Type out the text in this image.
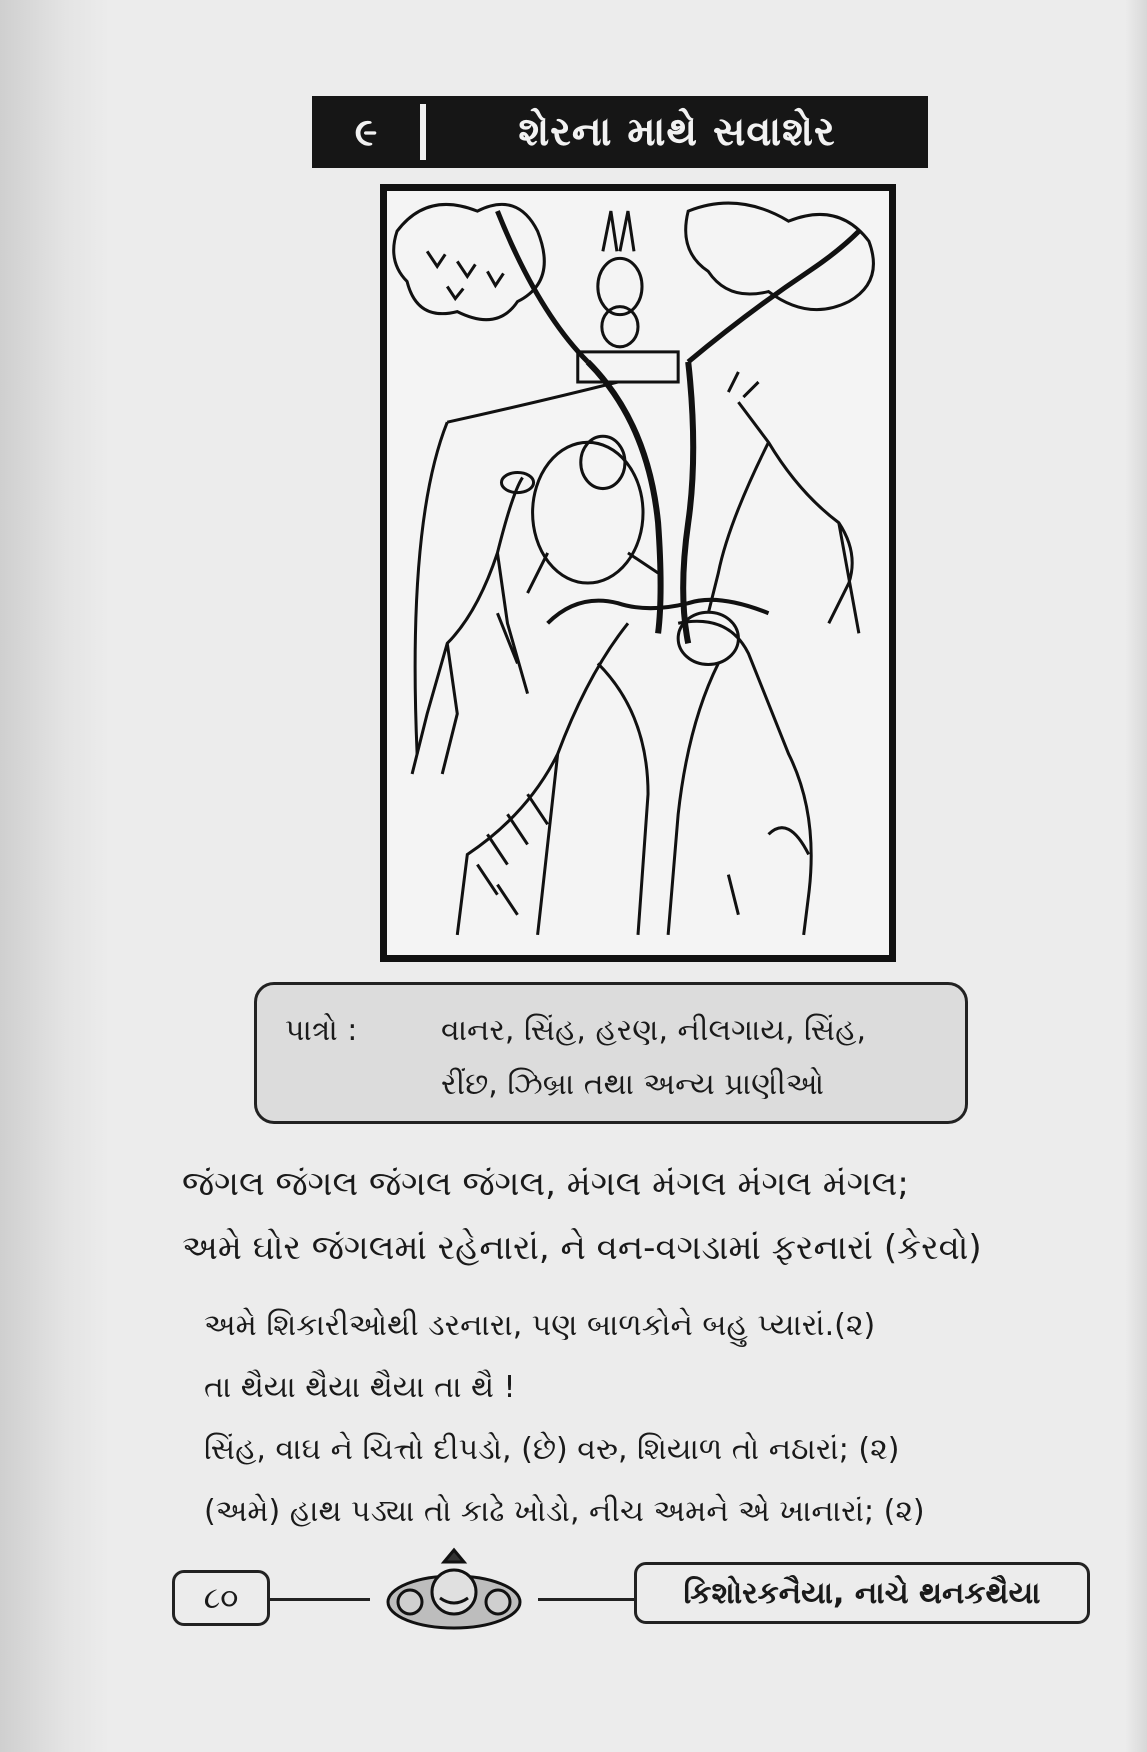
૯	શેરના માથે સવાશેર
પાત્રો :	વાનર, સિંહ, હરણ, નીલગાય, સિંહ,
રીંછ, ઝિબ્રા તથા અન્ય પ્રાણીઓ
જંગલ જંગલ જંગલ જંગલ, મંગલ મંગલ મંગલ મંગલ;
અમે ઘોર જંગલમાં રહેનારાં, ને વન-વગડામાં ફરનારાં (કેરવો)
અમે શિકારીઓથી ડરનારા, પણ બાળકોને બહુ પ્યારાં.(૨)
તા થૈયા થૈયા થૈયા તા થૈ !
સિંહ, વાઘ ને ચિત્તો દીપડો, (છે) વરુ, શિયાળ તો નઠારાં; (૨)
(અમે) હાથ પડ્યા તો કાઢે ખોડો, નીચ અમને એ ખાનારાં; (૨)
૮૦	કિશોરકનૈયા, નાચે થનકથૈયા
